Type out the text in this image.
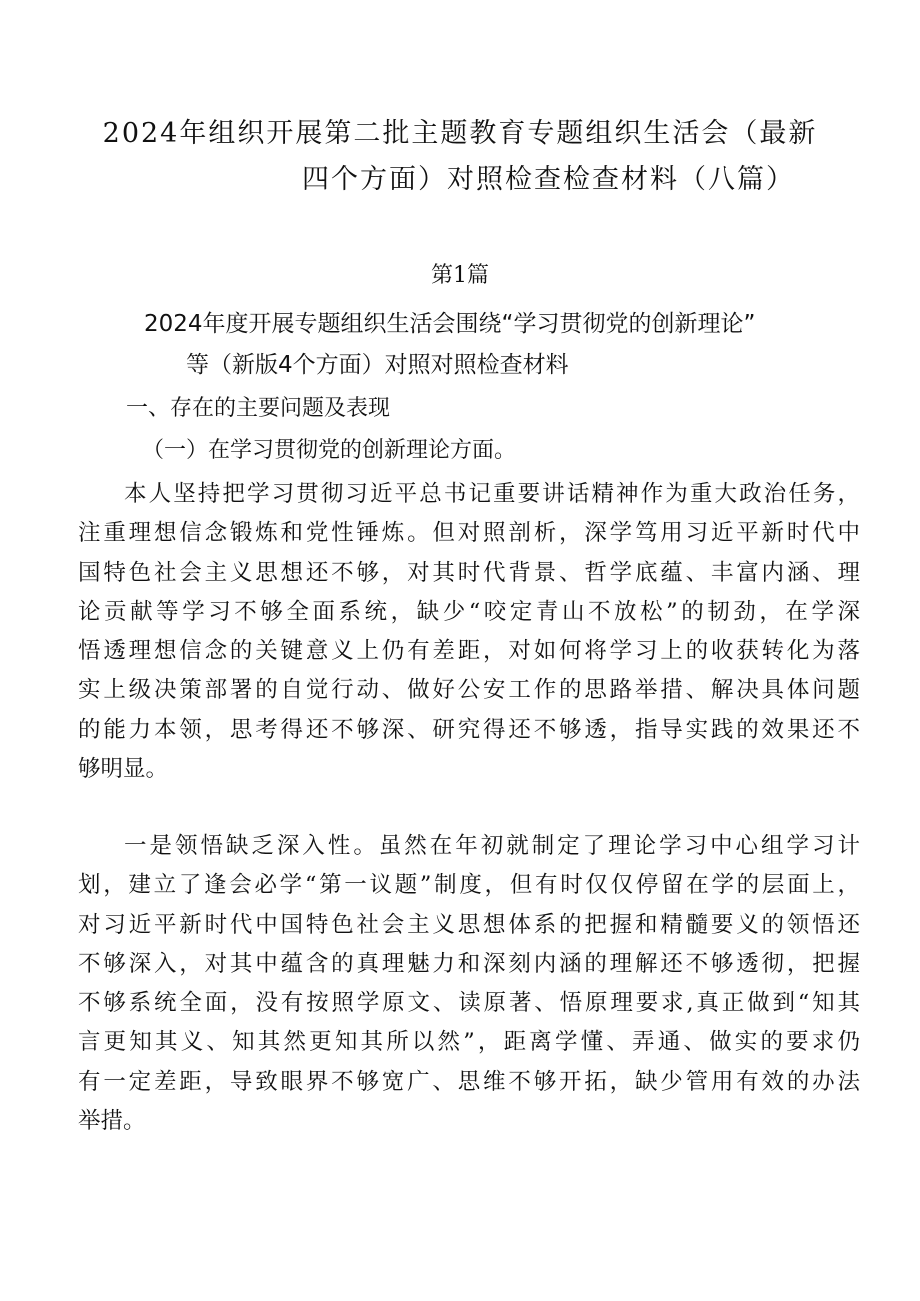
2024年组织开展第二批主题教育专题组织生活会（最新
四个方面）对照检查检查材料（八篇）
第1篇
2024年度开展专题组织生活会围绕“学习贯彻党的创新理论”
等（新版4个方面）对照对照检查材料
一、存在的主要问题及表现
（一）在学习贯彻党的创新理论方面。
本人坚持把学习贯彻习近平总书记重要讲话精神作为重大政治任务，
注重理想信念锻炼和党性锤炼。但对照剖析，深学笃用习近平新时代中
国特色社会主义思想还不够，对其时代背景、哲学底蕴、丰富内涵、理
论贡献等学习不够全面系统，缺少“咬定青山不放松”的韧劲，在学深
悟透理想信念的关键意义上仍有差距，对如何将学习上的收获转化为落
实上级决策部署的自觉行动、做好公安工作的思路举措、解决具体问题
的能力本领，思考得还不够深、研究得还不够透，指导实践的效果还不
够明显。
一是领悟缺乏深入性。虽然在年初就制定了理论学习中心组学习计
划，建立了逢会必学“第一议题”制度，但有时仅仅停留在学的层面上，
对习近平新时代中国特色社会主义思想体系的把握和精髓要义的领悟还
不够深入，对其中蕴含的真理魅力和深刻内涵的理解还不够透彻，把握
不够系统全面，没有按照学原文、读原著、悟原理要求,真正做到“知其
言更知其义、知其然更知其所以然”，距离学懂、弄通、做实的要求仍
有一定差距，导致眼界不够宽广、思维不够开拓，缺少管用有效的办法
举措。
